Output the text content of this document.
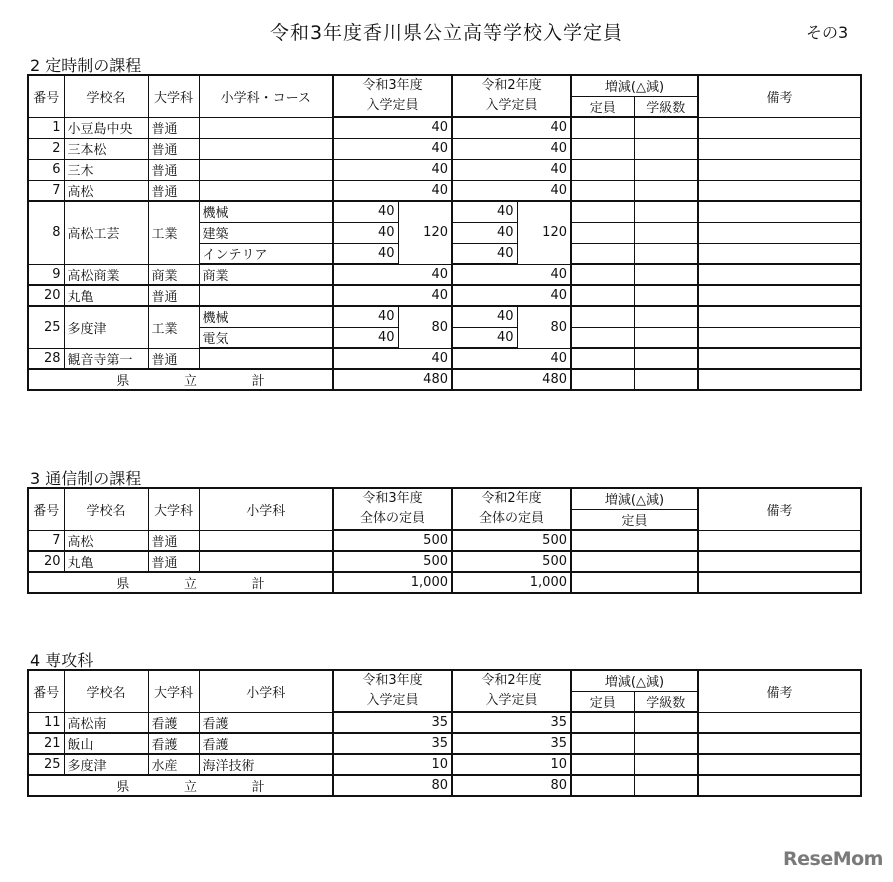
令和3年度香川県公立高等学校入学定員	その3
2 定時制の課程
番号	学校名	大学科	小学科・コース	令和3年度		令和2年度		増減(△減)		備考
				入学定員		入学定員		定員	学級数	
1	小豆島中央	普通		40		40				
2	三本松	普通		40		40				
6	三木	普通		40		40				
7	高松	普通		40		40				
8	高松工芸	工業	機械	40	120	40	120			
			建築	40		40				
			インテリア	40		40				
9	高松商業	商業	商業	40		40				
20	丸亀	普通		40		40				
25	多度津	工業	機械	40	80	40	80			
			電気	40		40				
28	観音寺第一	普通		40		40				

県 立 計				480		480				
3 通信制の課程
番号	学校名	大学科	小学科	令和3年度	令和2年度	増減(△減)	備考
				全体の定員	全体の定員	定員	
7	高松	普通		500	500		
20	丸亀	普通		500	500		

県 立 計				1,000	1,000		
4 専攻科
番号	学校名	大学科	小学科	令和3年度	令和2年度	増減(△減)		備考
				入学定員	入学定員	定員	学級数	
11	高松南	看護	看護	35	35			
21	飯山	看護	看護	35	35			
25	多度津	水産	海洋技術	10	10			

県 立 計				80	80			
ReseMom
